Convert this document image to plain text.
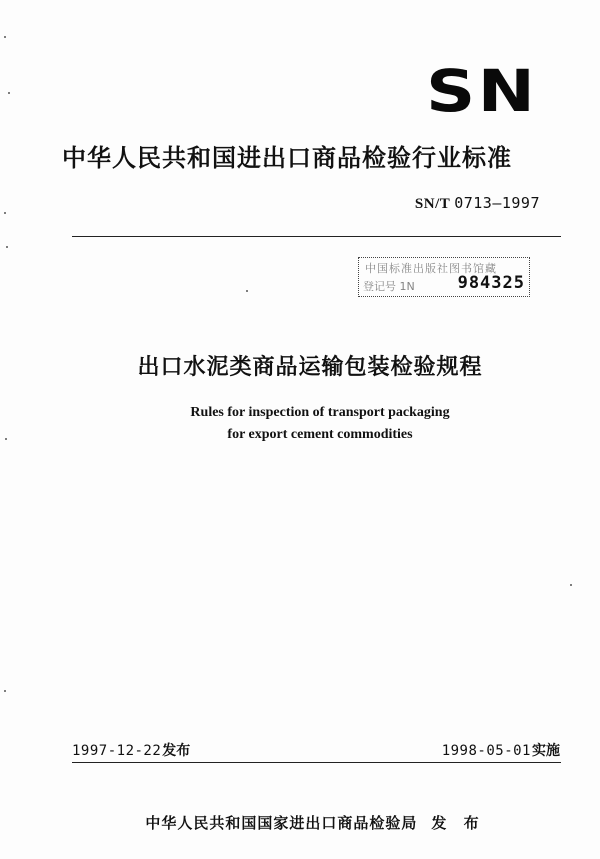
SN
中华人民共和国进出口商品检验行业标准
SN/T 0713—1997
中国标准出版社图书馆藏
登记号 1N	984325
出口水泥类商品运输包装检验规程
Rules for inspection of transport packaging
for export cement commodities
1997-12-22发布	1998-05-01实施
中华人民共和国国家进出口商品检验局 发 布
